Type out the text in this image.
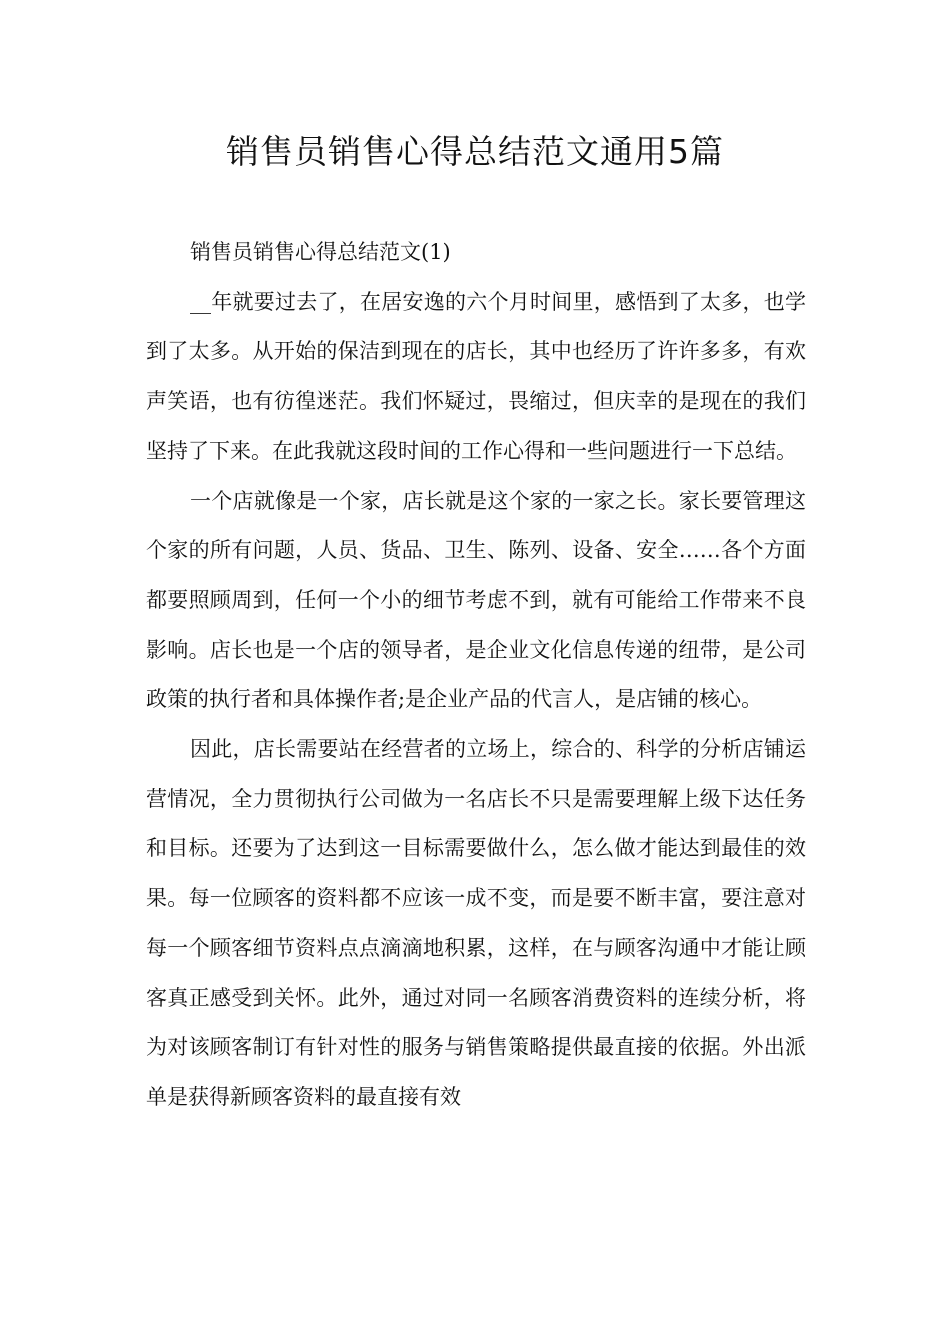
销售员销售心得总结范文通用5篇

销售员销售心得总结范文(1)

__年就要过去了，在居安逸的六个月时间里，感悟到了太多，也学到了太多。从开始的保洁到现在的店长，其中也经历了许许多多，有欢声笑语，也有彷徨迷茫。我们怀疑过，畏缩过，但庆幸的是现在的我们坚持了下来。在此我就这段时间的工作心得和一些问题进行一下总结。

一个店就像是一个家，店长就是这个家的一家之长。家长要管理这个家的所有问题，人员、货品、卫生、陈列、设备、安全……各个方面都要照顾周到，任何一个小的细节考虑不到，就有可能给工作带来不良影响。店长也是一个店的领导者，是企业文化信息传递的纽带，是公司政策的执行者和具体操作者;是企业产品的代言人，是店铺的核心。

因此，店长需要站在经营者的立场上，综合的、科学的分析店铺运营情况，全力贯彻执行公司做为一名店长不只是需要理解上级下达任务和目标。还要为了达到这一目标需要做什么，怎么做才能达到最佳的效果。每一位顾客的资料都不应该一成不变，而是要不断丰富，要注意对每一个顾客细节资料点点滴滴地积累，这样，在与顾客沟通中才能让顾客真正感受到关怀。此外，通过对同一名顾客消费资料的连续分析，将为对该顾客制订有针对性的服务与销售策略提供最直接的依据。外出派单是获得新顾客资料的最直接有效
